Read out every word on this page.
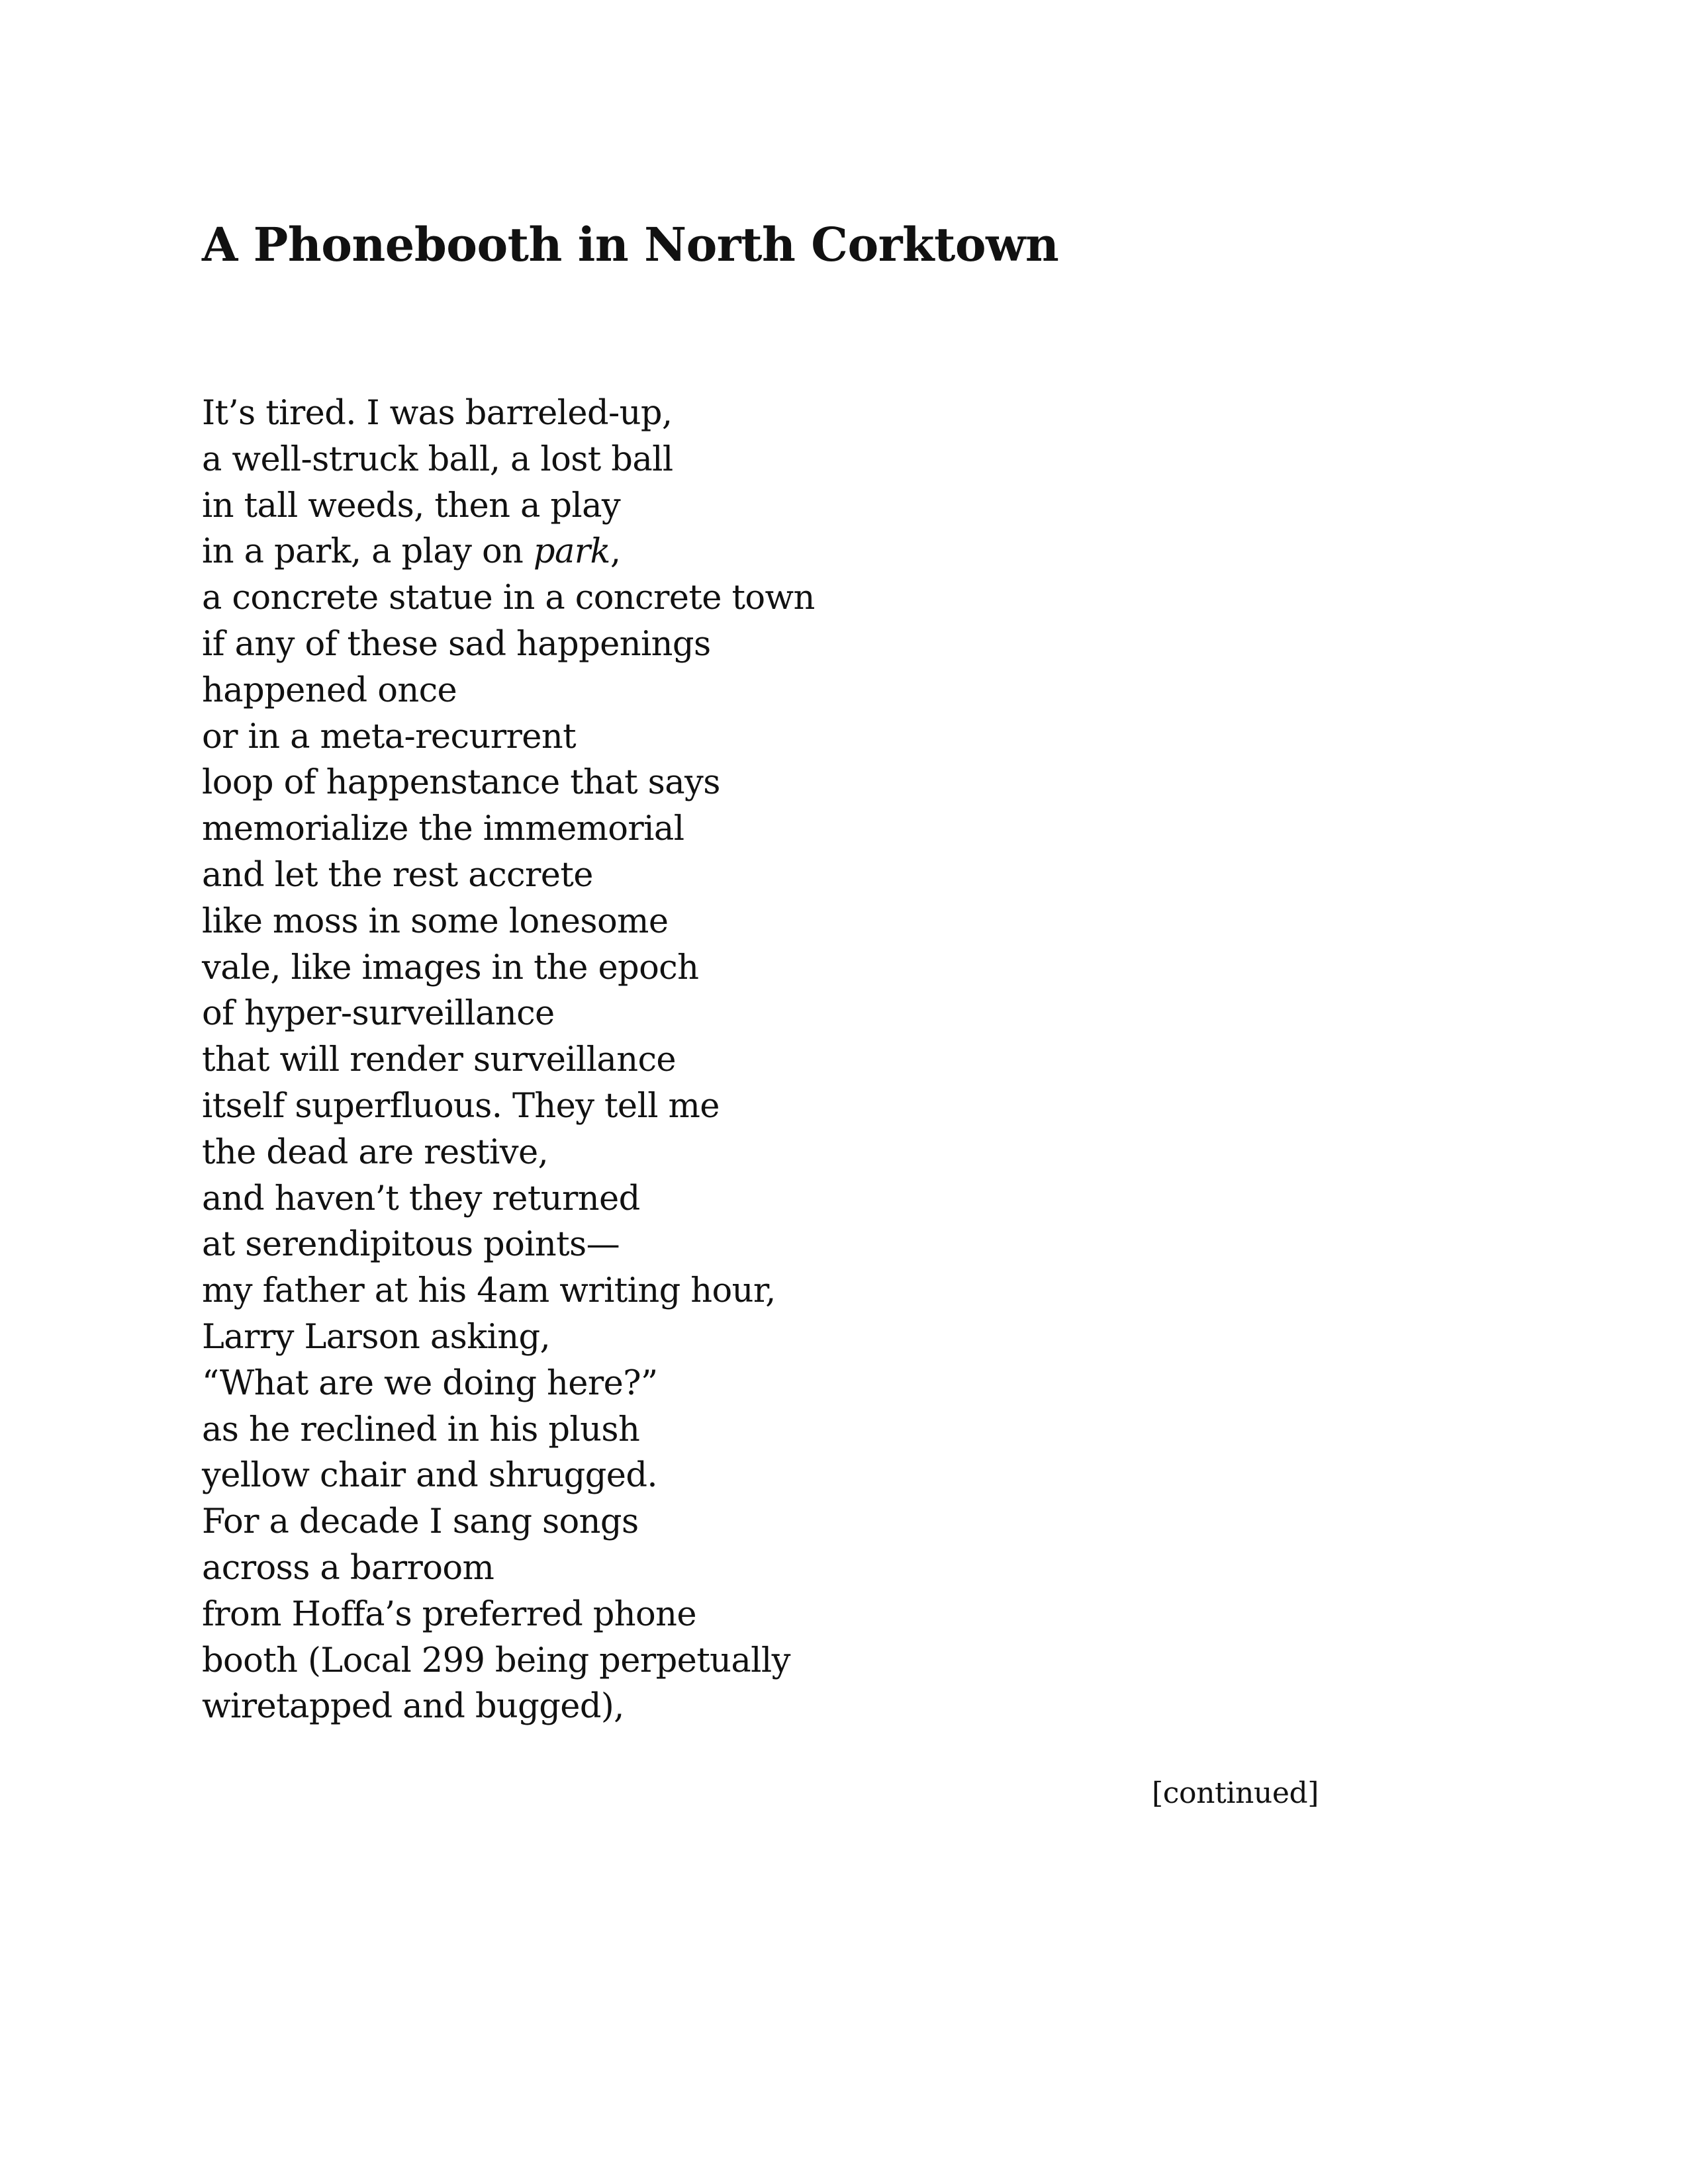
A Phonebooth in North Corktown
It’s tired. I was barreled-up,
a well-struck ball, a lost ball
in tall weeds, then a play
in a park, a play on park,
a concrete statue in a concrete town
if any of these sad happenings
happened once
or in a meta-recurrent
loop of happenstance that says
memorialize the immemorial
and let the rest accrete
like moss in some lonesome
vale, like images in the epoch
of hyper-surveillance
that will render surveillance
itself superfluous. They tell me
the dead are restive,
and haven’t they returned
at serendipitous points—
my father at his 4am writing hour,
Larry Larson asking,
“What are we doing here?”
as he reclined in his plush
yellow chair and shrugged.
For a decade I sang songs
across a barroom
from Hoffa’s preferred phone
booth (Local 299 being perpetually
wiretapped and bugged),
[continued]
